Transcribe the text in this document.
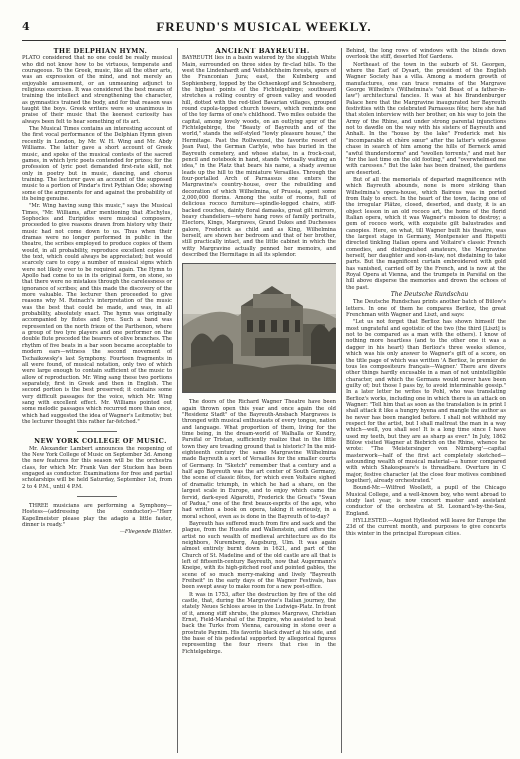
4	FREUND'S MUSICAL WEEKLY.

THE DELPHIAN HYMN.

PLATO considered that no one could be really musical who did not know how to be virtuous, temperate and courageous. To the Greek, music, like all the other arts, was an expression of the mind, and not merely an enjoyable amusement, or an unmeaning adjunct to religious exercises. It was considered the best means of training the intellect and strengthening the character, as gymnastics trained the body, and for that reason was taught the boys. Greek writers were so unanimous in praise of their music that the keenest curiosity has always been felt to hear something of its art.

The Musical Times contains an interesting account of the first vocal performance of the Delphian Hymn given recently in London, by Mr. W. H. Wing and Mr. Abdy Williams. The latter gave a short account of Greek music, and spoke of the musical contests of the sacred games, in which lyric poets contended for prizes; for the profession of lyric poet demanded first-rate skill, not only in poetry but in music, dancing, and chorus training. The lecturer gave an account of the supposed music to a portion of Pindar's first Pythian Ode; showing some of the arguments for and against the probability of its being genuine.

"Mr. Wing having sung this music," says the Musical Times, "Mr. Williams, after mentioning that Æschylus, Sophocles and Euripides were musical composers, proceeded to give reasons drawn from history why their music had not come down to us. Thus when their dramas were no longer performed in public in the theatre, the scribes employed to produce copies of them would, in all probability, reproduce excellent copies of the text, which could always be appreciated; but would scarcely care to copy a number of musical signs which were not likely ever to be required again. The Hymn to Apollo had come to us in its original form, on stone, so that there were no mistakes through the carelessness or ignorance of scribes; and this made the discovery of the more valuable. The lecturer then proceeded to give reasons why M. Reinach's interpretation of the music was the best that could be made, and was, in all probability, absolutely exact. The hymn was originally accompanied by flutes and lyre. Such a band was represented on the north frieze of the Parthenon, where a group of two lyre players and one performer on the double flute preceded the bearers of olive branches. The rhythm of five beats in a bar soon became acceptable to modern ears—witness the second movement of Tschaikowsky's last Symphony. Fourteen fragments in all were found, of musical notation, only two of which were large enough to contain sufficient of the music to allow of reproduction. Mr. Wing sang these two portions separately, first in Greek and then in English. The second portion is the best preserved; it contains some very difficult passages for the voice, which Mr. Wing sang with excellent effect. Mr. Williams pointed out some melodic passages which recurred more than once, which had suggested the idea of Wagner's Leitmotiv; but the lecturer thought this rather far-fetched."

NEW YORK COLLEGE OF MUSIC.

Mr. Alexander Lambert announces the reopening of the New York College of Music on September 3d. Among the new features for this season will be the orchestra class, for which Mr. Frank Van der Stucken has been engaged as conductor. Examinations for free and partial scholarships will be held Saturday, September 1st, from 2 to 4 P.M., until 4 P.M.

THREE musicians are performing a Symphony—Hostess—(addressing the conductor)—"Herr Kapellmeister please play the adagio a little faster, dinner is ready."

—Fliegende Blätter.

ANCIENT BAYREUTH.

BAYREUTH lies in a basin watered by the sluggish White Main, surrounded on three sides by fir-clad hills. To the west the Lindenhardt and Veitshöchheim forests, spurs of the Franconian Jura; east, the Kulmberg and Sophienberg, topped by the Ochsenkopf and Schneeberg, the highest points of the Fichtelgebirge; southward stretches a rolling country of green valley and wooded hill, dotted with the red-tiled Bavarian villages, grouped round cupola-topped church towers, which reminds one of the toy farms of one's childhood. Two miles outside the capital, among lovely woods, on an outlying spur of the Fichtelgebirge, the "Beauty of Bayreuth and of the world," stands the self-styled "lowly pleasure house," the Hermitage. Past the Rollwenzel, the favorite resort of Jean Paul, the German Carlyle, who has buried in the Bayreuth cemetery, and whose statue, in a frock-coat, pencil and notebook in hand, stands "virtually waiting an idea," in the Platz that bears his name, a shady avenue leads up the hill to the miniature Versailles. Through the four-portalled Arch of Parnassus one enters the Margravine's country-house, over the rebuilding and decoration of which Wilhelmina, of Prussia, spent some 2,000,000 florins. Among the suite of rooms, full of delicious rococo furniture—spindle-legged chairs, stiff-backed couches, dainty floral damasks, great gilt mirrors, heavy chandeliers—where hang rows of family portraits, Electors, Kings, Margraves, Grand Dukes and Duchesses galore, Frederick as child and as King, Wilhelmina herself, are shown her bedroom and that of her brother, still practically intact, and the little cabinet in which the witty Margravine actually penned her memoirs, and described the Hermitage in all its splendor.

The doors of the Richard Wagner Theatre have been again thrown open this year and once again the old "Residenz Stadt" of the Bayreuth-Ansbach Margraves is thronged with musical enthusiasts of every tongue, nation and language. What proportion of them, living for the time being, in the dream-world of Walhalla or Kundry, Parsifal or Tristan, sufficiently realize that in the little town they are treading ground that is historic? In the mid-eighteenth century the same Margravine Wilhelmina made Bayreuth a sort of Versailles for the smaller courts of Germany. In "Sketch" remember that a century and a half ago Bayreuth was the art center of South Germany, the scene of classic fêtes, for which even Voltaire sighed of dramatic triumph, in which he had a share, on the largest scale in Europe, and to enjoy which came the fervid, dark-eyed Algarotti, Frederick the Great's "Swan of Padua," one of the first beaux-esprits of the age, who had written a book on opera, taking it seriously, in a moral school, even as is done in the Bayreuth of to-day?

Bayreuth has suffered much from fire and sack and the plague, from the Hussite and Wallenstein, and offers the artist no such wealth of medieval architecture as do its neighbors, Nuremberg, Augsburg, Ulm. It was again almost entirely burnt down in 1621, and part of the Church of St. Madeline and of the old castle are all that is left of fifteenth-century Bayreuth, now that Augermann's Kneipe, with its high-pitched roof and pointed gables, the scene of so much merry-making and lively "Bayreuth Freiheit" in the early days of the Wagner Festivals, has been swept away to make room for a new post-office.

It was in 1753, after the destruction by fire of the old castle, that, during the Margravine's Italian journey, the stately Neues Schloss arose in the Ludwigs-Platz. In front of it, among stiff shrubs, the plumes Margrave, Christian Ernst, Field-Marshal of the Empire, who assisted to beat back the Turks from Vienna, carousing in stone over a prostrate Paynim. His favorite black dwarf at his side, and the base of his pedestal supported by allegorical figures representing the four rivers that rise in the Fichtelgebirge.

Behind, the long rows of windows with the blinds down overlook the stiff, deserted Hof Gardens.

Northeast of the town in the suburb of St. Georgen, where the Earl of Dysart, the president of the English Wagner Society has a villa. Among a modern growth of manufactures, one can trace remains of the Margrave George Wilhelm's (Wilhelmina's "old Beast of a father-in-law") architectural fancies. It was at his Brandenburger Palace here that the Margravine inaugurated her Bayreuth festivities with the celebrated Parnassus fête; here she had that stolen interview with her brother, on his way to join the Army of the Rhine, and under strong parental injunctions not to dawdle on the way with his sisters of Bayreuth and Anhalt. In the "house by the lake" Frederick met his "incomparable et chère sœur" after the latter's wild-goose chase in search of him among the hills of Berneck amid "awful thunderstorms" and "swollen torrents," and met her "for the last time on the old footing," and "overwhelmed me with caresses." But the lake has been drained, the gardens are deserted.

But of all the memorials of departed magnificence with which Bayreuth abounds, none is more striking than Wilhelmina's opera-house, which Baireus was in ported from Italy to erect. In the heart of the town, facing one of the irregular Plätze, closed, deserted, and dusty, it is an object lesson in an old rococo art, the home of the florid Italian opera, which it was Wagner's mission to destroy; a gem of rococo work, with exquisite gilt balustrades and canopies. Here, on what, till Wagner built his theatre, was the largest stage in Germany, Montpensier and Rispetti directed tinkling Italian opera and Voltaire's classic French comedies, and distinguished amateurs, the Margravine herself, her daughter and son-in-law, not disdaining to take parts. But the magnificent curtain embroidered with gold has vanished, carried off by the French, and is now at the Royal Opera at Vienna, and the trumpets in Parsifal on the hill above disperse the memories and drown the echoes of the past.

The Deutsche Rundschau

The Deutsche Rundschau prints another batch of Bülow's letters. In one of them he compares Berlioz, the great Frenchman with Wagner and Liszt, and says:

"Let us not forget that Berlioz has shown himself the most ungrateful and egotistic of the two (the third [Liszt] is not to be compared as a man with the others). I know of nothing more heartless (and to the other one it was a dagger in his heart) than Berlioz's three weeks silence, which was his only answer to Wagner's gift of a score, on the title page of which was written 'A Berlioz, le premier de tous les compositeurs français—Wagner.' There are divers other things hardly excusable in a man of not unintelligible character, and which the Germans would never have been guilty of; but those I pass by, to avoid interminable gossip." In a later letter he writes to Pohl, who was translating Berlioz's works, including one in which there is an attack on Wagner: "Tell him that as soon as the translation is in print I shall attack it like a hungry hyena and mangle the author as he never has been mangled before. I shall not withhold my respect for the artist, but I shall maltreat the man in a way which—well, you shall see! It is a long time since I have used my teeth, but they are as sharp as ever." In July, 1862 Bülow visited Wagner at Biebrich on the Rhine, whence he wrote: "The 'Meistersinger von Nürnberg'—capital masterwork—half of the first act completely sketched—astounding wealth of musical material—a humor compared with which Shakespeare's is threadbare. Overture in C major, festive character (at the close four motives combined together), already orchestrated."

Bound-Mr.—Wilfred Woollett, a pupil of the Chicago Musical College, and a well-known boy, who went abroad to study last year, is now concert master and assistant conductor of the orchestra at St. Leonard's-by-the-Sea, England.

HYLLESTED.—August Hyllested will leave for Europe the 23d of the current month, and purposes to give concerts this winter in the principal European cities.
